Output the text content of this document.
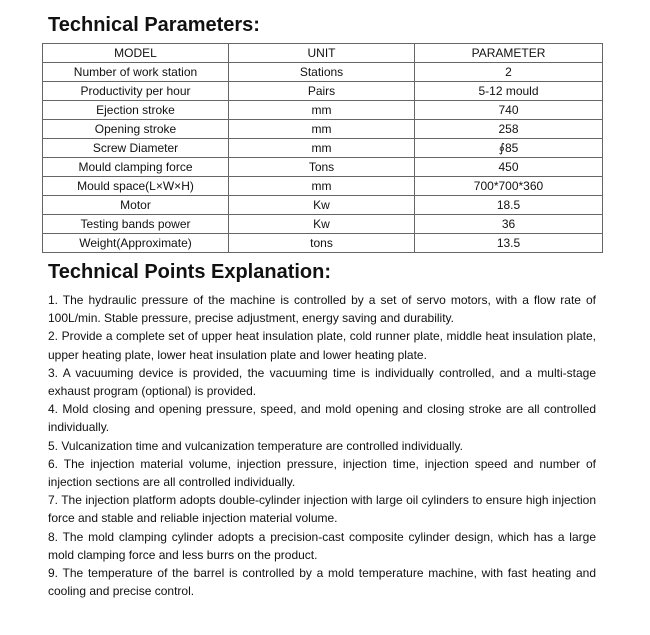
Technical Parameters:
MODEL	UNIT	PARAMETER
Number of work station	Stations	2
Productivity per hour	Pairs	5-12 mould
Ejection stroke	mm	740
Opening stroke	mm	258
Screw Diameter	mm	∮85
Mould clamping force	Tons	450
Mould space(L×W×H)	mm	700*700*360
Motor	Kw	18.5
Testing bands power	Kw	36
Weight(Approximate)	tons	13.5
Technical Points Explanation:

1. The hydraulic pressure of the machine is controlled by a set of servo motors, with a flow rate of 100L/min. Stable pressure, precise adjustment, energy saving and durability.

2. Provide a complete set of upper heat insulation plate, cold runner plate, middle heat insulation plate, upper heating plate, lower heat insulation plate and lower heating plate.

3. A vacuuming device is provided, the vacuuming time is individually controlled, and a multi-stage exhaust program (optional) is provided.

4. Mold closing and opening pressure, speed, and mold opening and closing stroke are all controlled individually.

5. Vulcanization time and vulcanization temperature are controlled individually.

6. The injection material volume, injection pressure, injection time, injection speed and number of injection sections are all controlled individually.

7. The injection platform adopts double-cylinder injection with large oil cylinders to ensure high injection force and stable and reliable injection material volume.

8. The mold clamping cylinder adopts a precision-cast composite cylinder design, which has a large mold clamping force and less burrs on the product.

9. The temperature of the barrel is controlled by a mold temperature machine, with fast heating and cooling and precise control.
